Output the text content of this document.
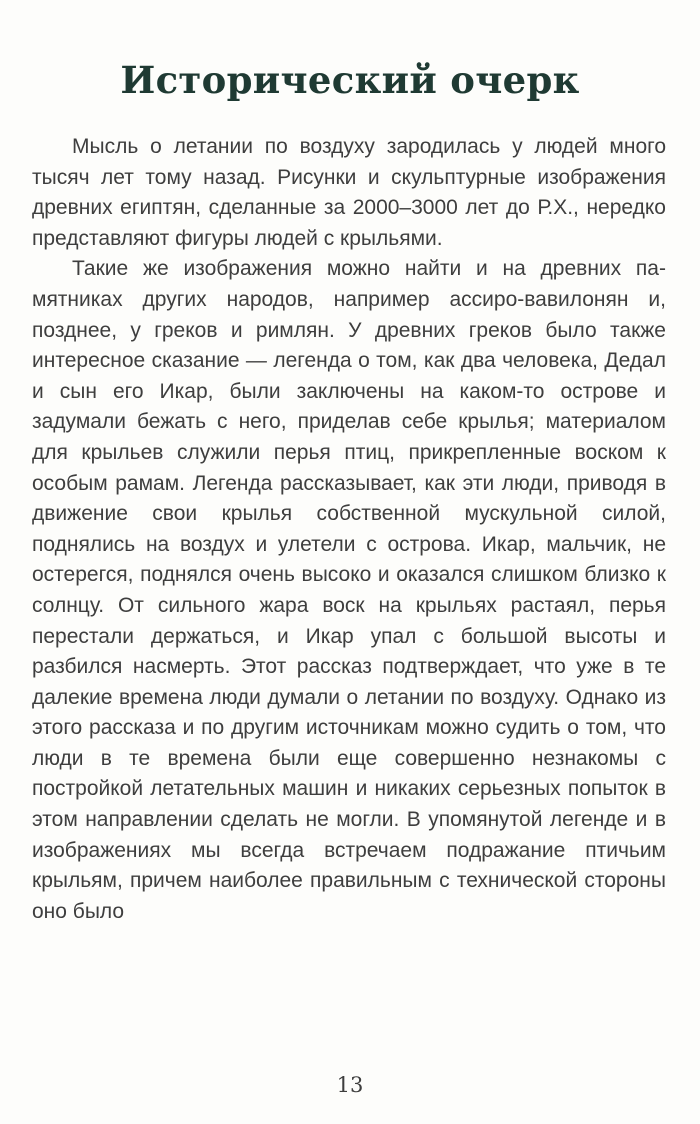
Исторический очерк

Мысль о летании по воздуху зародилась у людей много тысяч лет тому назад. Рисунки и скульптурные изображения древних египтян, сделанные за 2000–3000 лет до Р.Х., нередко представляют фигуры людей с крыльями.

Такие же изображения можно найти и на древних памятниках других народов, например ассиро-вавилонян и, позднее, у греков и римлян. У древних греков было также интересное сказание — легенда о том, как два человека, Дедал и сын его Икар, были заключены на каком-то острове и задумали бежать с него, приделав себе крылья; материалом для крыльев служили перья птиц, прикрепленные воском к особым рамам. Легенда рассказывает, как эти люди, приводя в движение свои крылья собственной мускульной силой, поднялись на воздух и улетели с острова. Икар, мальчик, не остерегся, поднялся очень высоко и оказался слишком близко к солнцу. От сильного жара воск на крыльях растаял, перья перестали держаться, и Икар упал с большой высоты и разбился насмерть. Этот рассказ подтверждает, что уже в те далекие времена люди думали о летании по воздуху. Однако из этого рассказа и по другим источникам можно судить о том, что люди в те времена были еще совершенно незнакомы с постройкой летательных машин и никаких серьезных попыток в этом направлении сделать не могли. В упомянутой легенде и в изображениях мы всегда встречаем подражание птичьим крыльям, причем наиболее правильным с технической стороны оно было

13
